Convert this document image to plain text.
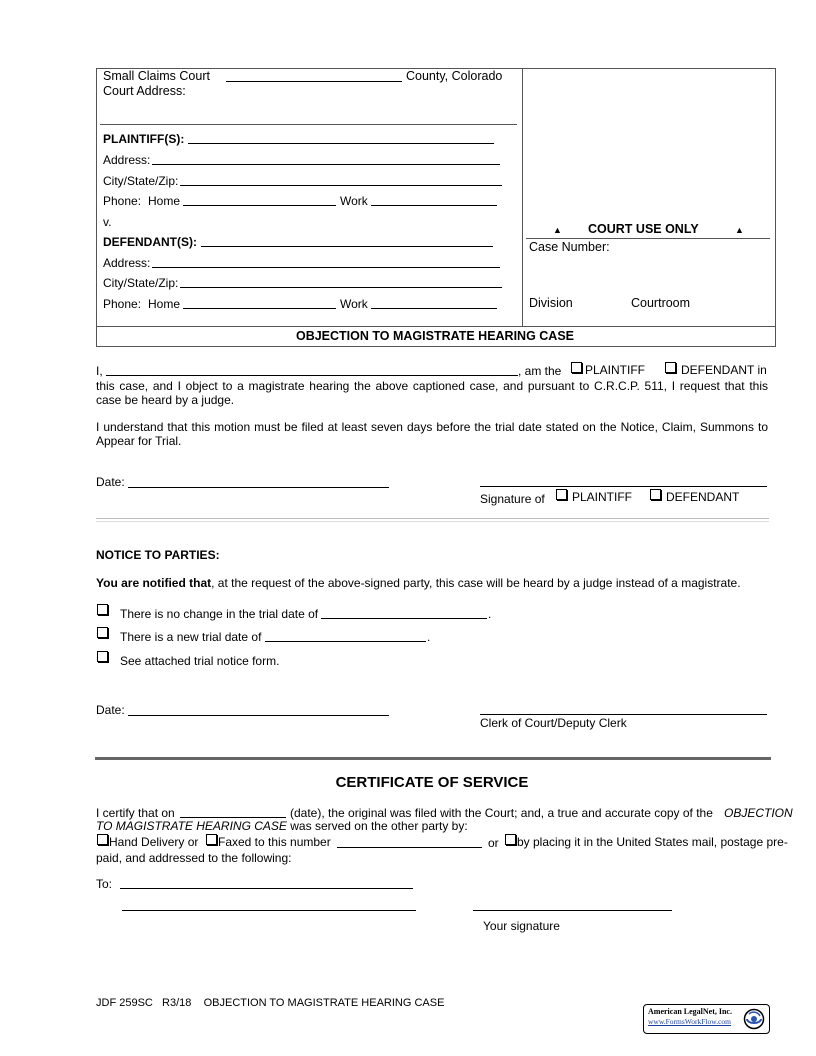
Small Claims Court	County, Colorado
Court Address:
PLAINTIFF(S):
Address:
City/State/Zip:
Phone: Home	Work
v.
DEFENDANT(S):
Address:
City/State/Zip:
Phone: Home	Work
▲ COURT USE ONLY	▲
Case Number:
Division	Courtroom
OBJECTION TO MAGISTRATE HEARING CASE
I,	, am the	PLAINTIFF	DEFENDANT in
this case, and I object to a magistrate hearing the above captioned case, and pursuant to C.R.C.P. 511, I request that this
case be heard by a judge.
I understand that this motion must be filed at least seven days before the trial date stated on the Notice, Claim, Summons to
Appear for Trial.
Date:
Signature of	PLAINTIFF	DEFENDANT
NOTICE TO PARTIES:
You are notified that, at the request of the above-signed party, this case will be heard by a judge instead of a magistrate.
There is no change in the trial date of	.
There is a new trial date of	.
See attached trial notice form.
Date:
Clerk of Court/Deputy Clerk
CERTIFICATE OF SERVICE
I certify that on	(date), the original was filed with the Court; and, a true and accurate copy of the OBJECTION
TO MAGISTRATE HEARING CASE was served on the other party by:
Hand Delivery or	Faxed to this number	or	by placing it in the United States mail, postage pre-
paid, and addressed to the following:
To:
Your signature
JDF 259SC   R3/18    OBJECTION TO MAGISTRATE HEARING CASE
American LegalNet, Inc.
www.FormsWorkFlow.com
